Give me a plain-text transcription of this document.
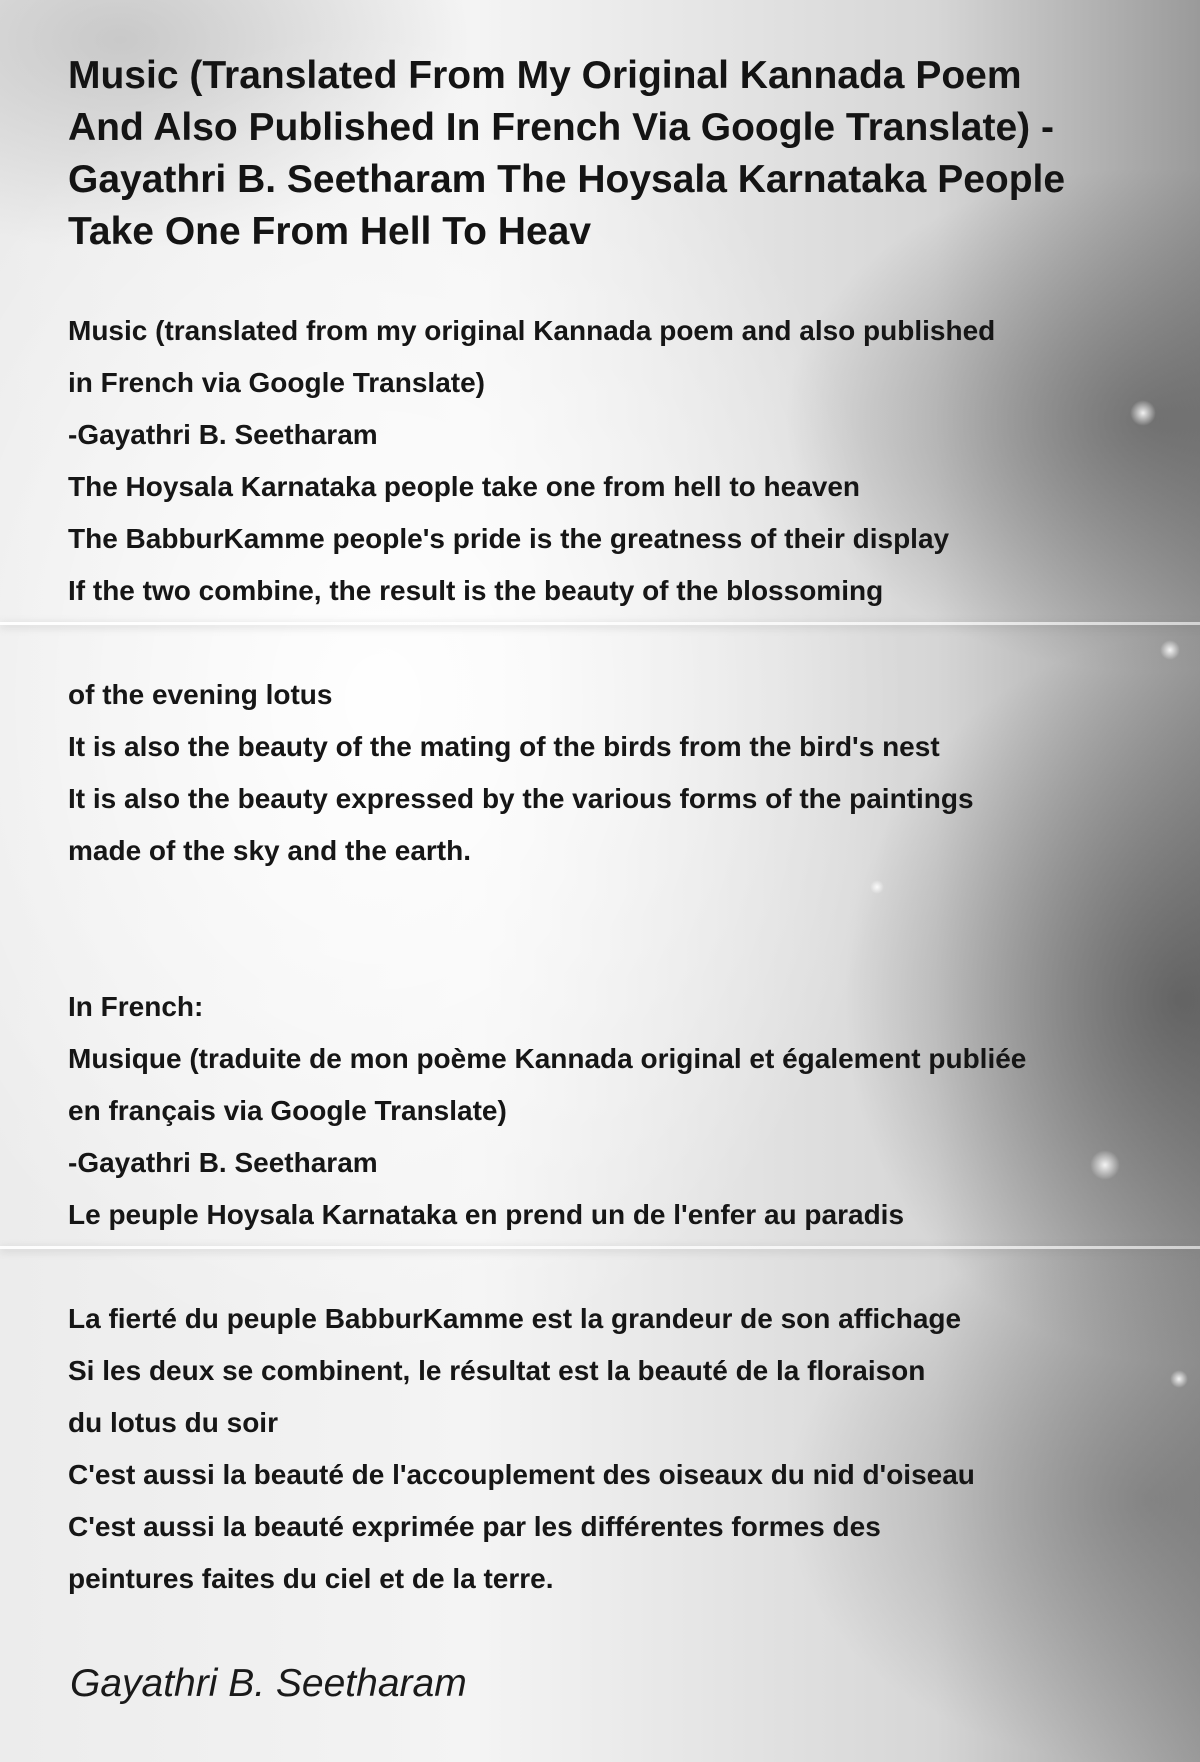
Music (Translated From My Original Kannada Poem And Also Published In French Via Google Translate) - Gayathri B. Seetharam The Hoysala Karnataka People Take One From Hell To Heav
Music (translated from my original Kannada poem and also published
in French via Google Translate)
-Gayathri B. Seetharam
The Hoysala Karnataka people take one from hell to heaven
The BabburKamme people's pride is the greatness of their display
If the two combine, the result is the beauty of the blossoming
of the evening lotus
It is also the beauty of the mating of the birds from the bird's nest
It is also the beauty expressed by the various forms of the paintings
made of the sky and the earth.
In French:
Musique (traduite de mon poème Kannada original et également publiée
en français via Google Translate)
-Gayathri B. Seetharam
Le peuple Hoysala Karnataka en prend un de l'enfer au paradis
La fierté du peuple BabburKamme est la grandeur de son affichage
Si les deux se combinent, le résultat est la beauté de la floraison
du lotus du soir
C'est aussi la beauté de l'accouplement des oiseaux du nid d'oiseau
C'est aussi la beauté exprimée par les différentes formes des
peintures faites du ciel et de la terre.

Gayathri B. Seetharam
